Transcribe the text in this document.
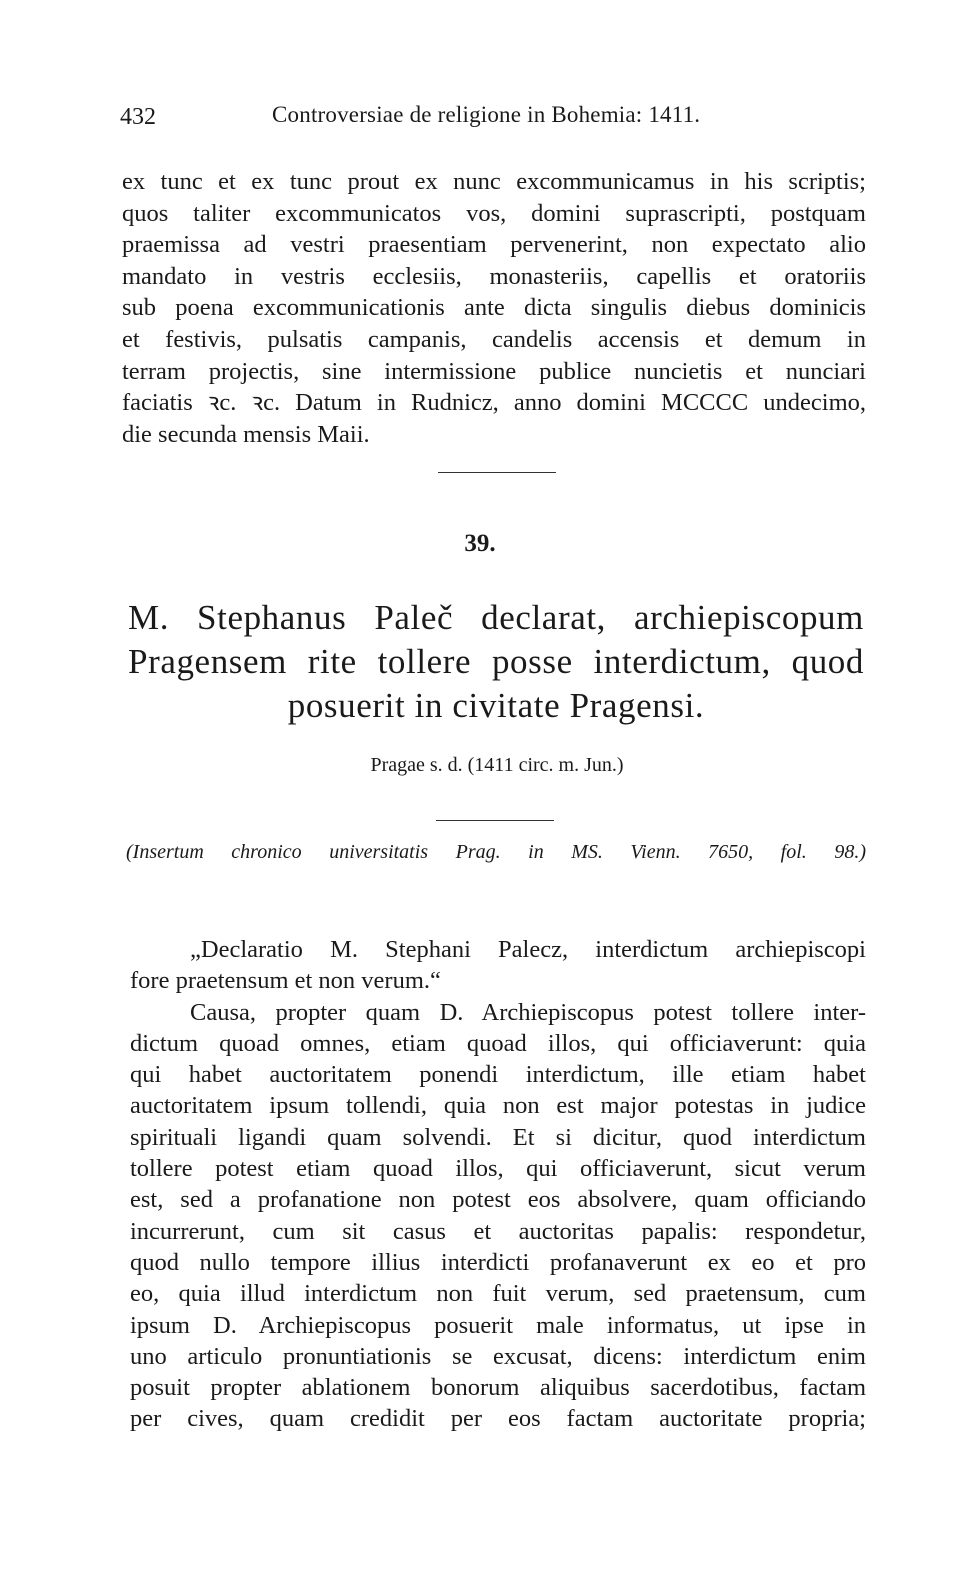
432	Controversiae de religione in Bohemia: 1411.
ex tunc et ex tunc prout ex nunc excommunicamus in his scriptis;
quos taliter excommunicatos vos, domini suprascripti, postquam
praemissa ad vestri praesentiam pervenerint, non expectato alio
mandato in vestris ecclesiis, monasteriis, capellis et oratoriis
sub poena excommunicationis ante dicta singulis diebus dominicis
et festivis, pulsatis campanis, candelis accensis et demum in
terram projectis, sine intermissione publice nuncietis et nunciari
faciatis ꝛc. ꝛc. Datum in Rudnicz, anno domini MCCCC undecimo,
die secunda mensis Maii.
39.
M. Stephanus Paleč declarat, archiepiscopum
Pragensem rite tollere posse interdictum, quod
posuerit in civitate Pragensi.
Pragae s. d. (1411 circ. m. Jun.)
(Insertum chronico universitatis Prag. in MS. Vienn. 7650, fol. 98.)
„Declaratio M. Stephani Palecz, interdictum archiepiscopi
fore praetensum et non verum.“
Causa, propter quam D. Archiepiscopus potest tollere inter-
dictum quoad omnes, etiam quoad illos, qui officiaverunt: quia
qui habet auctoritatem ponendi interdictum, ille etiam habet
auctoritatem ipsum tollendi, quia non est major potestas in judice
spirituali ligandi quam solvendi. Et si dicitur, quod interdictum
tollere potest etiam quoad illos, qui officiaverunt, sicut verum
est, sed a profanatione non potest eos absolvere, quam officiando
incurrerunt, cum sit casus et auctoritas papalis: respondetur,
quod nullo tempore illius interdicti profanaverunt ex eo et pro
eo, quia illud interdictum non fuit verum, sed praetensum, cum
ipsum D. Archiepiscopus posuerit male informatus, ut ipse in
uno articulo pronuntiationis se excusat, dicens: interdictum enim
posuit propter ablationem bonorum aliquibus sacerdotibus, factam
per cives, quam credidit per eos factam auctoritate propria;
